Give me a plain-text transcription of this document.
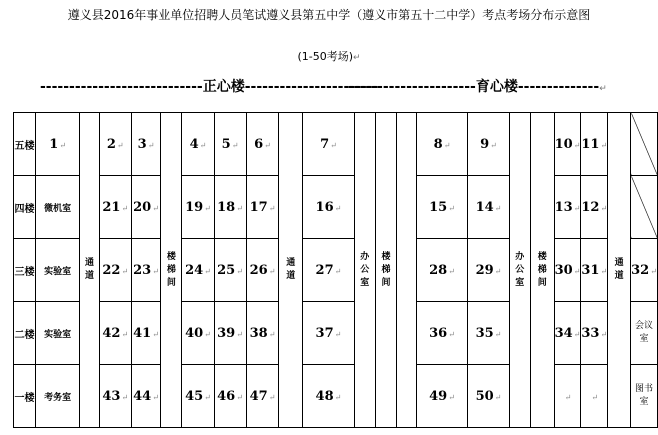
遵义县2016年事业单位招聘人员笔试遵义县第五中学（遵义市第五十二中学）考点考场分布示意图
(1-50考场)↵
----------------------------正心楼-----------------------
----------------------育心楼--------------↵
五楼	1↵	通道	2↵	3↵	楼梯间	4↵	5↵	6↵	通道	7↵	办公室	楼梯间		8↵	9↵	办公室	楼梯间	10↵	11↵	通道	
四楼	微机室		21↵	20↵		19↵	18↵	17↵		16↵				15↵	14↵			13↵	12↵		
三楼	实验室		22↵	23↵		24↵	25↵	26↵		27↵				28↵	29↵			30↵	31↵		32↵
二楼	实验室		42↵	41↵		40↵	39↵	38↵		37↵				36↵	35↵			34↵	33↵		会议室
一楼	考务室		43↵	44↵		45↵	46↵	47↵		48↵				49↵	50↵			↵	↵		图书室
